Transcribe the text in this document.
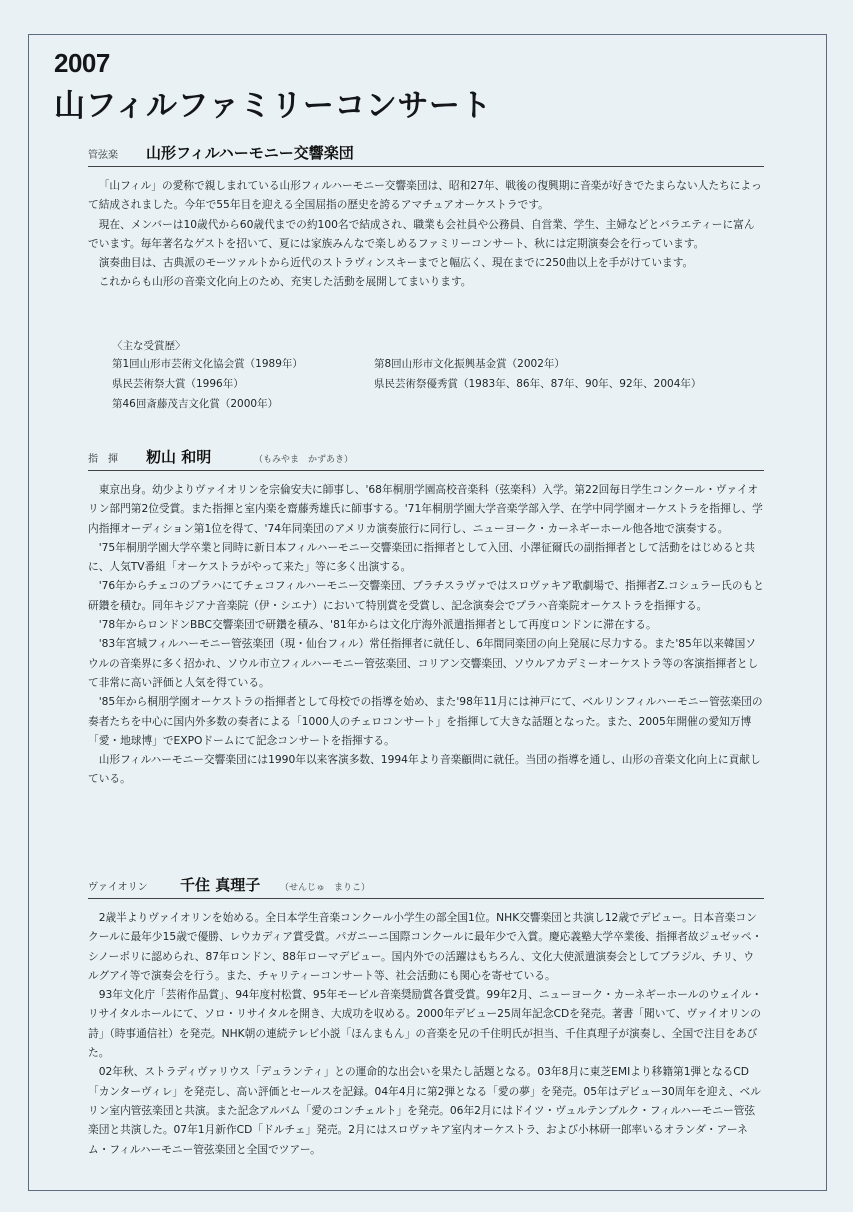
2007
山フィルファミリーコンサート
管弦楽 山形フィルハーモニー交響楽団

「山フィル」の愛称で親しまれている山形フィルハーモニー交響楽団は、昭和27年、戦後の復興期に音楽が好きでたまらない人たちによって結成されました。今年で55年目を迎える全国屈指の歴史を誇るアマチュアオーケストラです。

現在、メンバーは10歳代から60歳代までの約100名で結成され、職業も会社員や公務員、自営業、学生、主婦などとバラエティーに富んでいます。毎年著名なゲストを招いて、夏には家族みんなで楽しめるファミリーコンサート、秋には定期演奏会を行っています。

演奏曲目は、古典派のモーツァルトから近代のストラヴィンスキーまでと幅広く、現在までに250曲以上を手がけています。

これからも山形の音楽文化向上のため、充実した活動を展開してまいります。

〈主な受賞歴〉
第1回山形市芸術文化協会賞（1989年）	第8回山形市文化振興基金賞（2002年）
県民芸術祭大賞（1996年）	県民芸術祭優秀賞（1983年、86年、87年、90年、92年、2004年）
第46回斎藤茂吉文化賞（2000年）
指　揮 籾山 和明	（もみやま　かずあき）

東京出身。幼少よりヴァイオリンを宗倫安夫に師事し、'68年桐朋学園高校音楽科（弦楽科）入学。第22回毎日学生コンクール・ヴァイオリン部門第2位受賞。また指揮と室内楽を齋藤秀雄氏に師事する。'71年桐朋学園大学音楽学部入学、在学中同学園オーケストラを指揮し、学内指揮オーディション第1位を得て、'74年同楽団のアメリカ演奏旅行に同行し、ニューヨーク・カーネギーホール他各地で演奏する。

'75年桐朋学園大学卒業と同時に新日本フィルハーモニー交響楽団に指揮者として入団、小澤征爾氏の副指揮者として活動をはじめると共に、人気TV番組「オーケストラがやって来た」等に多く出演する。

'76年からチェコのプラハにてチェコフィルハーモニー交響楽団、ブラチスラヴァではスロヴァキア歌劇場で、指揮者Z.コシュラー氏のもと研鑽を積む。同年キジアナ音楽院（伊・シエナ）において特別賞を受賞し、記念演奏会でプラハ音楽院オーケストラを指揮する。

'78年からロンドンBBC交響楽団で研鑽を積み、'81年からは文化庁海外派遣指揮者として再度ロンドンに滞在する。

'83年宮城フィルハーモニー管弦楽団（現・仙台フィル）常任指揮者に就任し、6年間同楽団の向上発展に尽力する。また'85年以来韓国ソウルの音楽界に多く招かれ、ソウル市立フィルハーモニー管弦楽団、コリアン交響楽団、ソウルアカデミーオーケストラ等の客演指揮者として非常に高い評価と人気を得ている。

'85年から桐朋学園オーケストラの指揮者として母校での指導を始め、また'98年11月には神戸にて、ベルリンフィルハーモニー管弦楽団の奏者たちを中心に国内外多数の奏者による「1000人のチェロコンサート」を指揮して大きな話題となった。また、2005年開催の愛知万博「愛・地球博」でEXPOドームにて記念コンサートを指揮する。

山形フィルハーモニー交響楽団には1990年以来客演多数、1994年より音楽顧問に就任。当団の指導を通し、山形の音楽文化向上に貢献している。

ヴァイオリン 千住 真理子 （せんじゅ　まりこ）

2歳半よりヴァイオリンを始める。全日本学生音楽コンクール小学生の部全国1位。NHK交響楽団と共演し12歳でデビュー。日本音楽コンクールに最年少15歳で優勝、レウカディア賞受賞。パガニーニ国際コンクールに最年少で入賞。慶応義塾大学卒業後、指揮者故ジュゼッペ・シノーポリに認められ、87年ロンドン、88年ローマデビュー。国内外での活躍はもちろん、文化大使派遣演奏会としてブラジル、チリ、ウルグアイ等で演奏会を行う。また、チャリティーコンサート等、社会活動にも関心を寄せている。

93年文化庁「芸術作品賞」、94年度村松賞、95年モービル音楽奨励賞各賞受賞。99年2月、ニューヨーク・カーネギーホールのウェイル・リサイタルホールにて、ソロ・リサイタルを開き、大成功を収める。2000年デビュー25周年記念CDを発売。著書「聞いて、ヴァイオリンの詩」（時事通信社）を発売。NHK朝の連続テレビ小説「ほんまもん」の音楽を兄の千住明氏が担当、千住真理子が演奏し、全国で注目をあびた。

02年秋、ストラディヴァリウス「デュランティ」との運命的な出会いを果たし話題となる。03年8月に東芝EMIより移籍第1弾となるCD「カンターヴィレ」を発売し、高い評価とセールスを記録。04年4月に第2弾となる「愛の夢」を発売。05年はデビュー30周年を迎え、ベルリン室内管弦楽団と共演。また記念アルバム「愛のコンチェルト」を発売。06年2月にはドイツ・ヴュルテンブルク・フィルハーモニー管弦楽団と共演した。07年1月新作CD「ドルチェ」発売。2月にはスロヴァキア室内オーケストラ、および小林研一郎率いるオランダ・アーネム・フィルハーモニー管弦楽団と全国でツアー。
